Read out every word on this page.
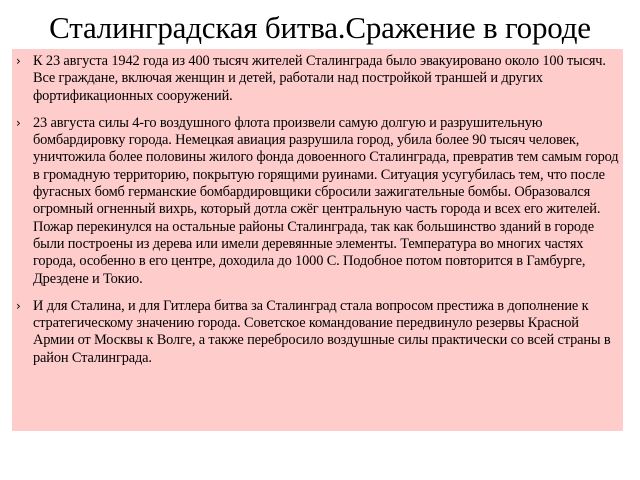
Сталинградская битва.Сражение в городе
› К 23 августа 1942 года из 400 тысяч жителей Сталинграда было эвакуировано около 100 тысяч. Все граждане, включая женщин и детей, работали над постройкой траншей и других фортификационных сооружений.
› 23 августа силы 4-го воздушного флота произвели самую долгую и разрушительную бомбардировку города. Немецкая авиация разрушила город, убила более 90 тысяч человек, уничтожила более половины жилого фонда довоенного Сталинграда, превратив тем самым город в громадную территорию, покрытую горящими руинами. Ситуация усугубилась тем, что после фугасных бомб германские бомбардировщики сбросили зажигательные бомбы. Образовался огромный огненный вихрь, который дотла сжёг центральную часть города и всех его жителей. Пожар перекинулся на остальные районы Сталинграда, так как большинство зданий в городе были построены из дерева или имели деревянные элементы. Температура во многих частях города, особенно в его центре, доходила до 1000 С. Подобное потом повторится в Гамбурге, Дрездене и Токио.
› И для Сталина, и для Гитлера битва за Сталинград стала вопросом престижа в дополнение к стратегическому значению города. Советское командование передвинуло резервы Красной Армии от Москвы к Волге, а также перебросило воздушные силы практически со всей страны в район Сталинграда.
